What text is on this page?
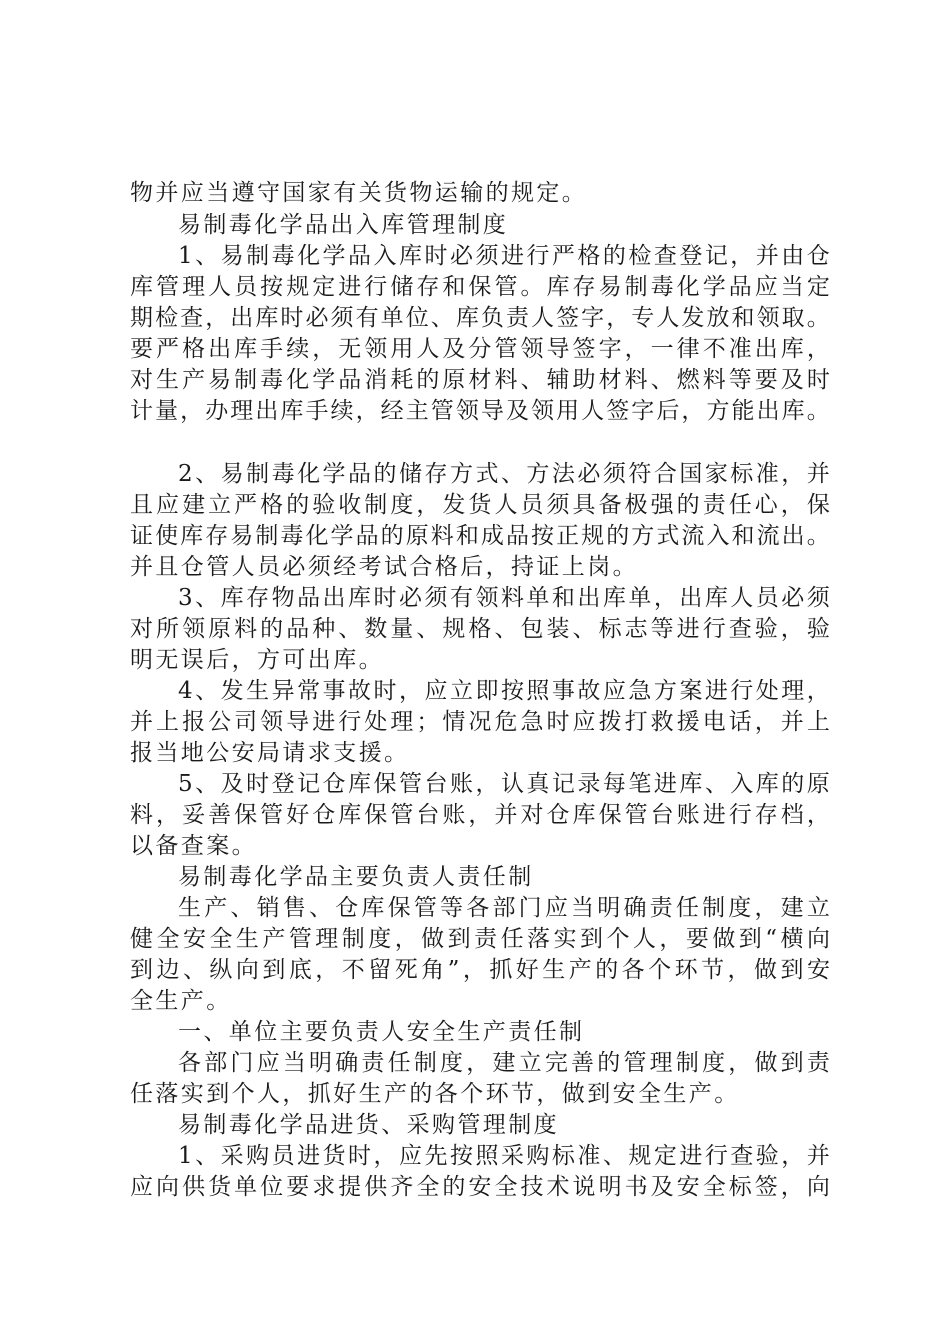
物并应当遵守国家有关货物运输的规定。
易制毒化学品出入库管理制度
1 、 易 制 毒 化 学 品 入 库 时 必 须 进 行 严 格 的 检 查 登 记 ， 并 由 仓
库 管 理 人 员 按 规 定 进 行 储 存 和 保 管 。 库 存 易 制 毒 化 学 品 应 当 定
期 检 查 ， 出 库 时 必 须 有 单 位 、 库 负 责 人 签 字 ， 专 人 发 放 和 领 取 。
要 严 格 出 库 手 续 ， 无 领 用 人 及 分 管 领 导 签 字 ， 一 律 不 准 出 库 ，
对 生 产 易 制 毒 化 学 品 消 耗 的 原 材 料 、 辅 助 材 料 、 燃 料 等 要 及 时
计 量 ， 办 理 出 库 手 续 ， 经 主 管 领 导 及 领 用 人 签 字 后 ， 方 能 出 库 。
2 、 易 制 毒 化 学 品 的 储 存 方 式 、 方 法 必 须 符 合 国 家 标 准 ， 并
且 应 建 立 严 格 的 验 收 制 度 ， 发 货 人 员 须 具 备 极 强 的 责 任 心 ， 保
证 使 库 存 易 制 毒 化 学 品 的 原 料 和 成 品 按 正 规 的 方 式 流 入 和 流 出 。
并且仓管人员必须经考试合格后，持证上岗。
3 、 库 存 物 品 出 库 时 必 须 有 领 料 单 和 出 库 单 ， 出 库 人 员 必 须
对 所 领 原 料 的 品 种 、 数 量 、 规 格 、 包 装 、 标 志 等 进 行 查 验 ， 验
明无误后，方可出库。
4 、 发 生 异 常 事 故 时 ， 应 立 即 按 照 事 故 应 急 方 案 进 行 处 理 ，
并 上 报 公 司 领 导 进 行 处 理 ； 情 况 危 急 时 应 拨 打 救 援 电 话 ， 并 上
报当地公安局请求支援。
5 、 及 时 登 记 仓 库 保 管 台 账 ， 认 真 记 录 每 笔 进 库 、 入 库 的 原
料 ， 妥 善 保 管 好 仓 库 保 管 台 账 ， 并 对 仓 库 保 管 台 账 进 行 存 档 ，
以备查案。
易制毒化学品主要负责人责任制
生 产 、 销 售 、 仓 库 保 管 等 各 部 门 应 当 明 确 责 任 制 度 ， 建 立
健 全 安 全 生 产 管 理 制 度 ， 做 到 责 任 落 实 到 个 人 ， 要 做 到 “ 横 向
到 边 、 纵 向 到 底 ， 不 留 死 角 ” ， 抓 好 生 产 的 各 个 环 节 ， 做 到 安
全生产。
一、单位主要负责人安全生产责任制
各 部 门 应 当 明 确 责 任 制 度 ， 建 立 完 善 的 管 理 制 度 ， 做 到 责
任落实到个人，抓好生产的各个环节，做到安全生产。
易制毒化学品进货、采购管理制度
1 、 采 购 员 进 货 时 ， 应 先 按 照 采 购 标 准 、 规 定 进 行 查 验 ， 并
应 向 供 货 单 位 要 求 提 供 齐 全 的 安 全 技 术 说 明 书 及 安 全 标 签 ， 向
